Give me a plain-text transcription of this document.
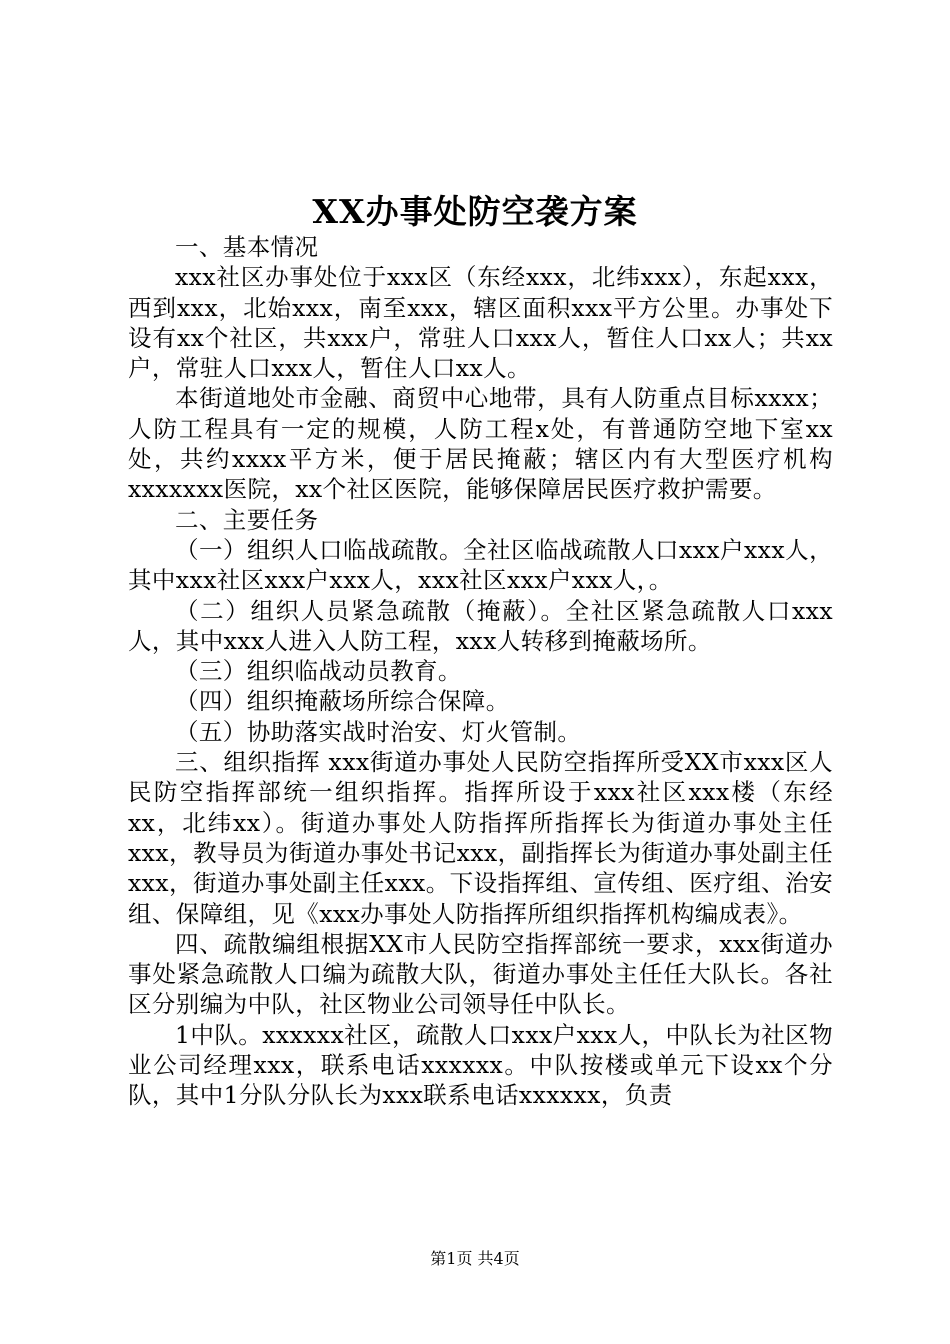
XX办事处防空袭方案

一、基本情况

xxx社区办事处位于xxx区（东经xxx，北纬xxx），东起xxx，西到xxx，北始xxx，南至xxx，辖区面积xxx平方公里。办事处下设有xx个社区，共xxx户，常驻人口xxx人，暂住人口xx人；共xx户，常驻人口xxx人，暂住人口xx人。

本街道地处市金融、商贸中心地带，具有人防重点目标xxxx；人防工程具有一定的规模，人防工程x处，有普通防空地下室xx处，共约xxxx平方米，便于居民掩蔽；辖区内有大型医疗机构xxxxxxx医院，xx个社区医院，能够保障居民医疗救护需要。

二、主要任务

（一）组织人口临战疏散。全社区临战疏散人口xxx户xxx人，其中xxx社区xxx户xxx人，xxx社区xxx户xxx人，。

（二）组织人员紧急疏散（掩蔽）。全社区紧急疏散人口xxx人，其中xxx人进入人防工程，xxx人转移到掩蔽场所。

（三）组织临战动员教育。

（四）组织掩蔽场所综合保障。

（五）协助落实战时治安、灯火管制。

三、组织指挥 xxx街道办事处人民防空指挥所受XX市xxx区人民防空指挥部统一组织指挥。指挥所设于xxx社区xxx楼（东经xx，北纬xx）。街道办事处人防指挥所指挥长为街道办事处主任xxx，教导员为街道办事处书记xxx，副指挥长为街道办事处副主任xxx，街道办事处副主任xxx。下设指挥组、宣传组、医疗组、治安组、保障组，见《xxx办事处人防指挥所组织指挥机构编成表》。

四、疏散编组根据XX市人民防空指挥部统一要求，xxx街道办事处紧急疏散人口编为疏散大队，街道办事处主任任大队长。各社区分别编为中队，社区物业公司领导任中队长。

1中队。xxxxxx社区，疏散人口xxx户xxx人，中队长为社区物业公司经理xxx，联系电话xxxxxx。中队按楼或单元下设xx个分队，其中1分队分队长为xxx联系电话xxxxxx，负责

第1页 共4页
